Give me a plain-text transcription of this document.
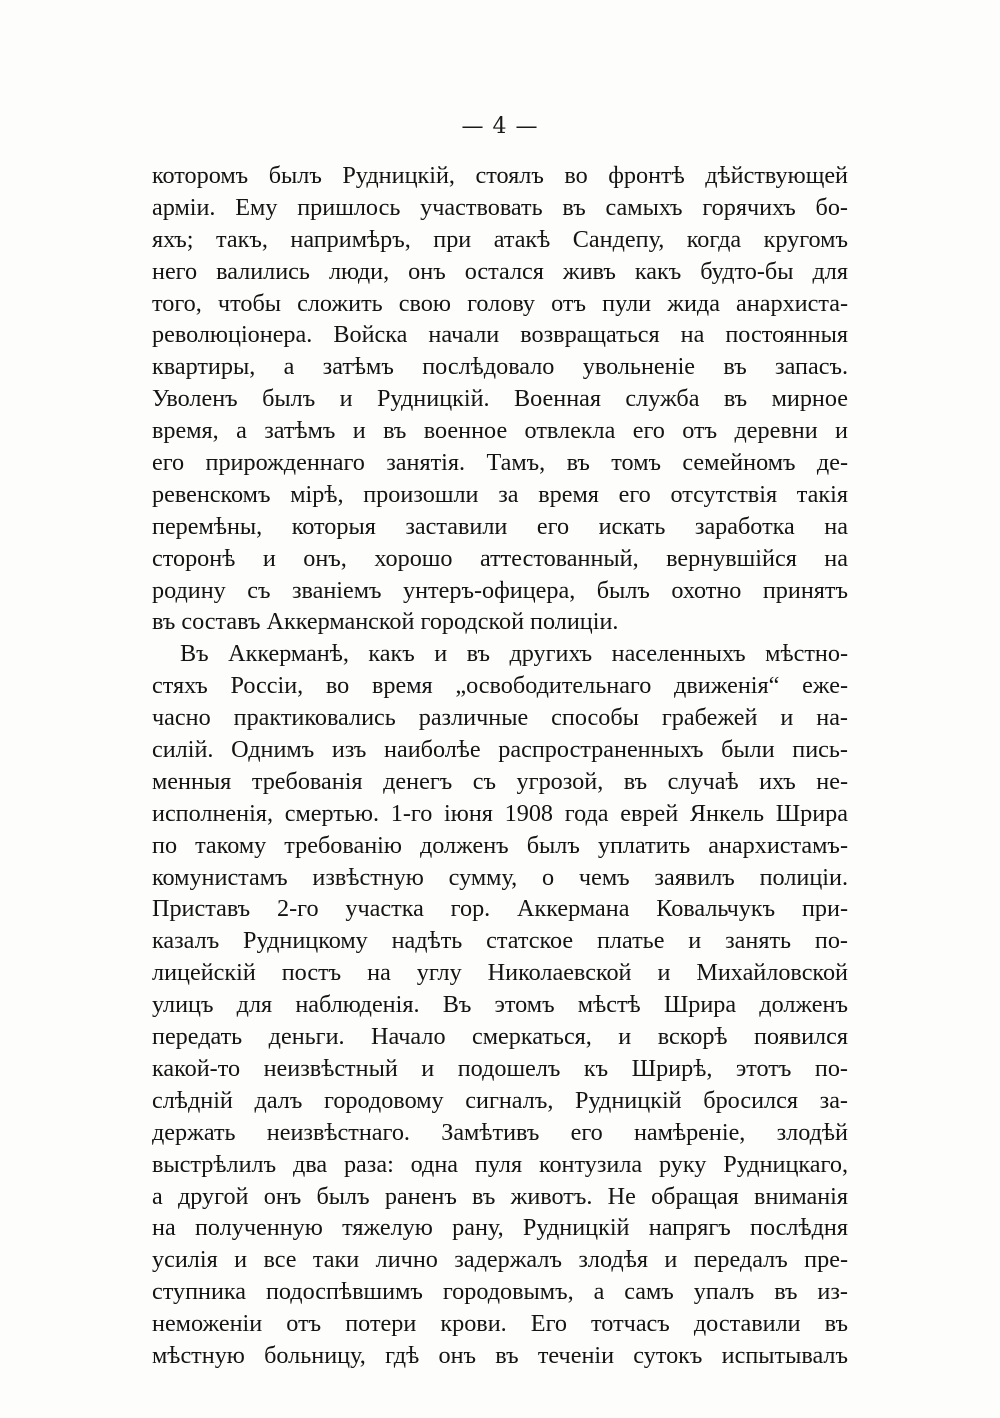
— 4 —
которомъ былъ Рудницкій, стоялъ во фронтѣ дѣйствующей
арміи. Ему пришлось участвовать въ самыхъ горячихъ бо-
яхъ; такъ, напримѣръ, при атакѣ Сандепу, когда кругомъ
него валились люди, онъ остался живъ какъ будто-бы для
того, чтобы сложить свою голову отъ пули жида анархиста-
революціонера. Войска начали возвращаться на постоянныя
квартиры, а затѣмъ послѣдовало увольненіе въ запасъ.
Уволенъ былъ и Рудницкій. Военная служба въ мирное
время, а затѣмъ и въ военное отвлекла его отъ деревни и
его прирожденнаго занятія. Тамъ, въ томъ семейномъ де-
ревенскомъ мірѣ, произошли за время его отсутствія такія
перемѣны, которыя заставили его искать заработка на
сторонѣ и онъ, хорошо аттестованный, вернувшійся на
родину съ званіемъ унтеръ-офицера, былъ охотно принятъ
въ составъ Аккерманской городской полиціи.
Въ Аккерманѣ, какъ и въ другихъ населенныхъ мѣстно-
стяхъ Россіи, во время „освободительнаго движенія“ еже-
часно практиковались различные способы грабежей и на-
силій. Однимъ изъ наиболѣе распространенныхъ были пись-
менныя требованія денегъ съ угрозой, въ случаѣ ихъ не-
исполненія, смертью. 1-го іюня 1908 года еврей Янкель Шрира
по такому требованію долженъ былъ уплатить анархистамъ-
комунистамъ извѣстную сумму, о чемъ заявилъ полиціи.
Приставъ 2-го участка гор. Аккермана Ковальчукъ при-
казалъ Рудницкому надѣть статское платье и занять по-
лицейскій постъ на углу Николаевской и Михайловской
улицъ для наблюденія. Въ этомъ мѣстѣ Шрира долженъ
передать деньги. Начало смеркаться, и вскорѣ появился
какой-то неизвѣстный и подошелъ къ Шрирѣ, этотъ по-
слѣдній далъ городовому сигналъ, Рудницкій бросился за-
держать неизвѣстнаго. Замѣтивъ его намѣреніе, злодѣй
выстрѣлилъ два раза: одна пуля контузила руку Рудницкаго,
а другой онъ былъ раненъ въ животъ. Не обращая вниманія
на полученную тяжелую рану, Рудницкій напрягъ послѣдня
усилія и все таки лично задержалъ злодѣя и передалъ пре-
ступника подоспѣвшимъ городовымъ, а самъ упалъ въ из-
неможеніи отъ потери крови. Его тотчасъ доставили въ
мѣстную больницу, гдѣ онъ въ теченіи сутокъ испытывалъ
